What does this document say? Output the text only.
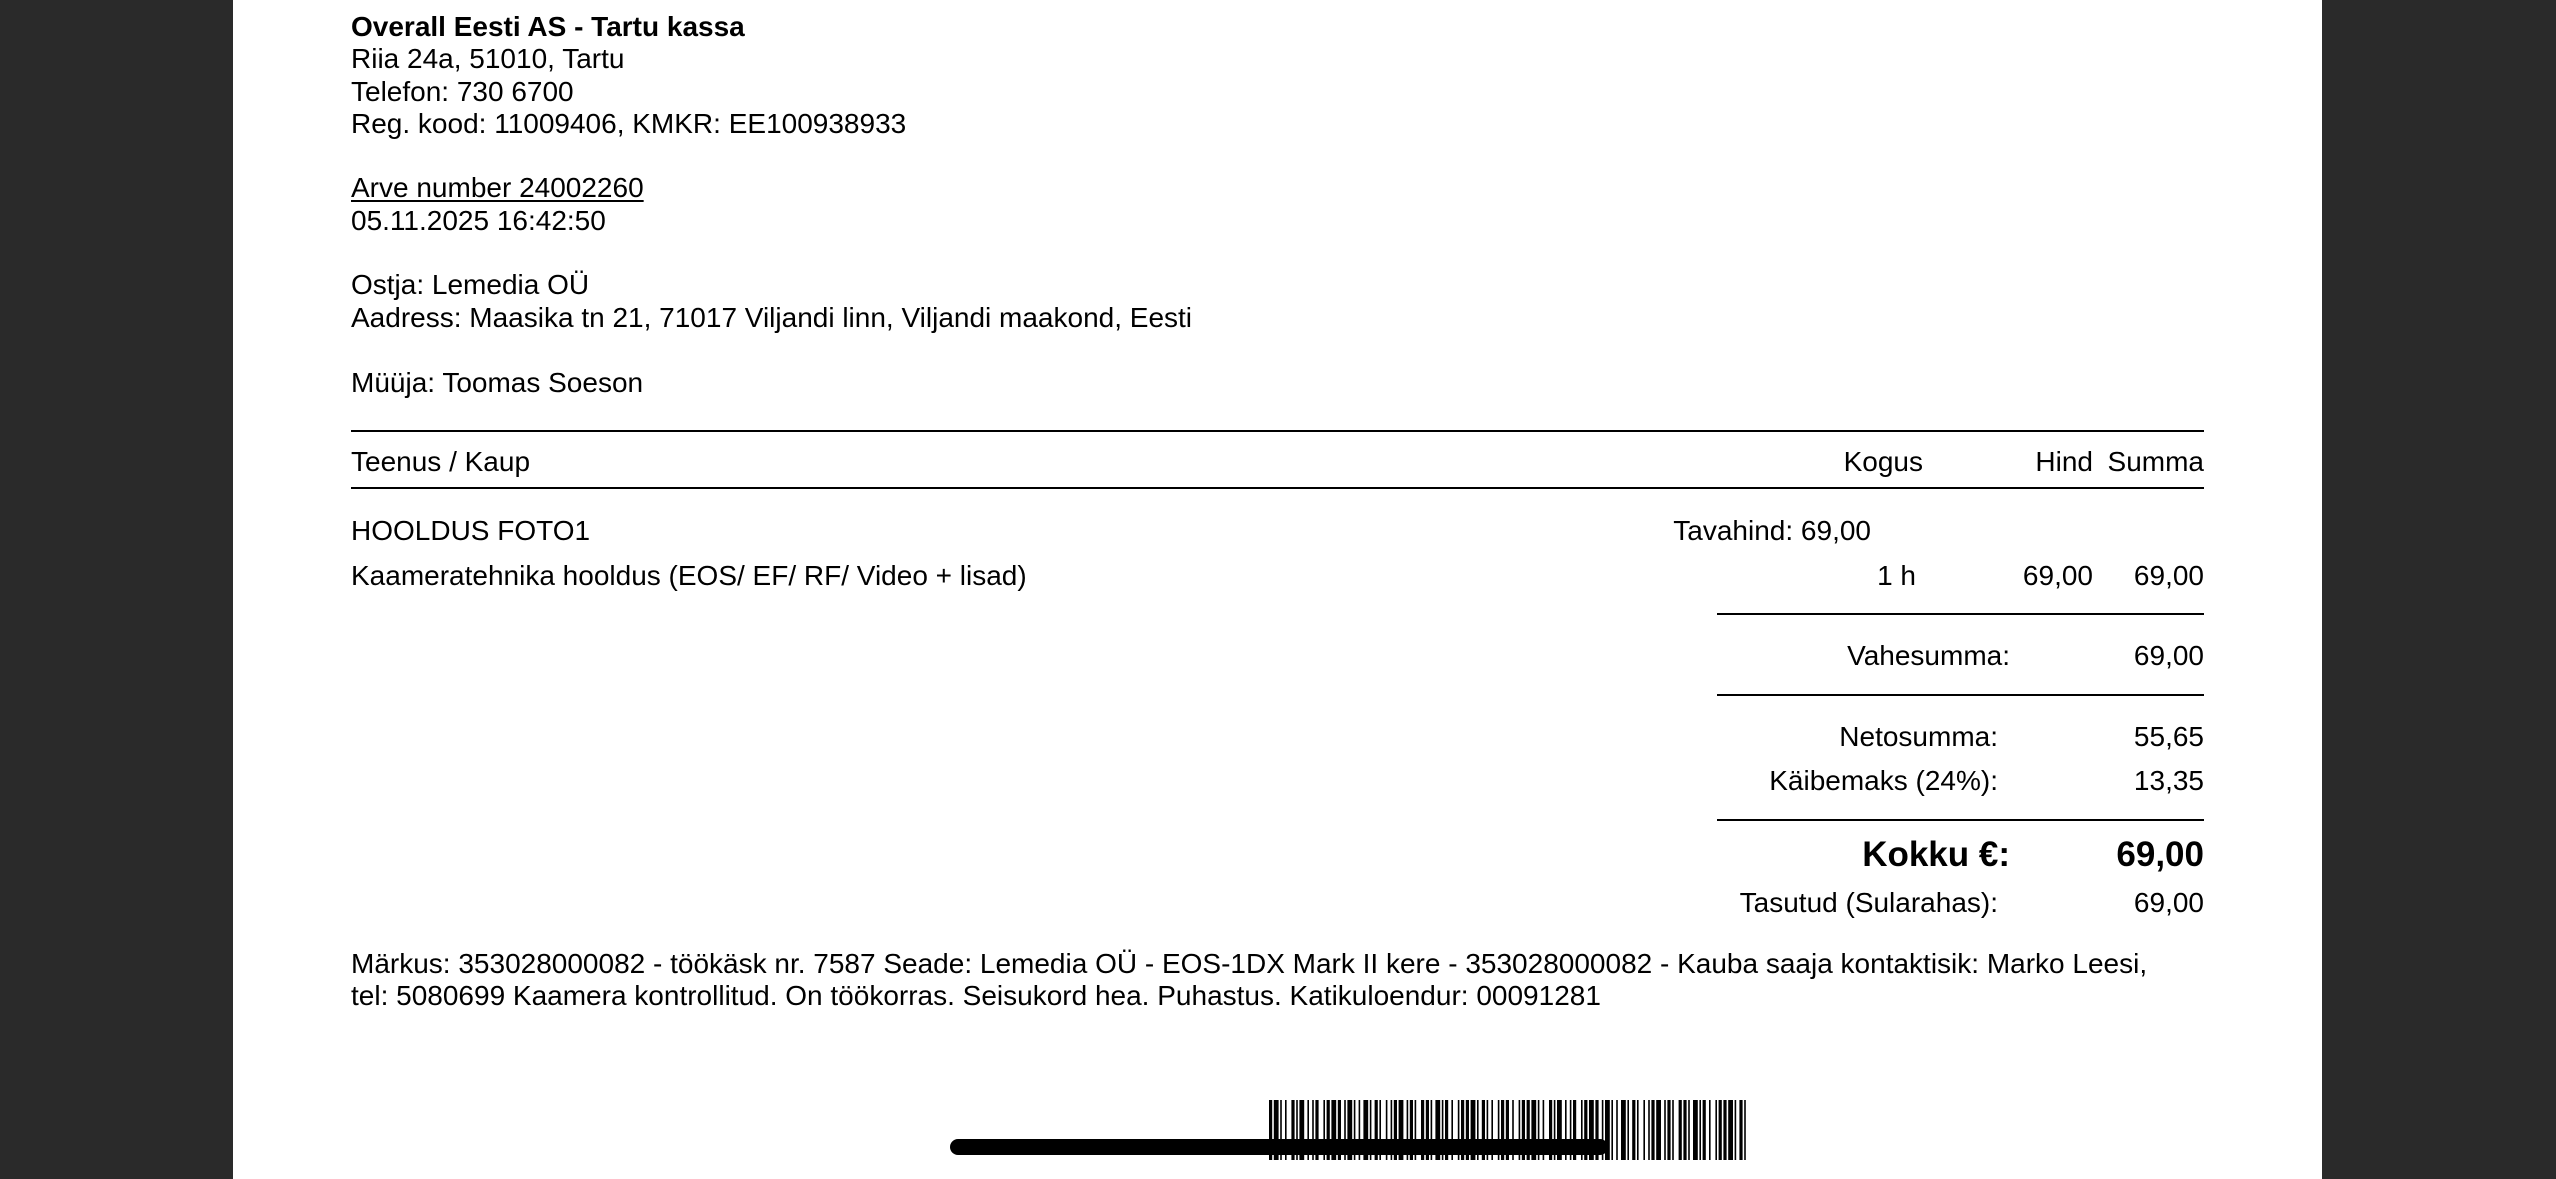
Overall Eesti AS - Tartu kassa
Riia 24a, 51010, Tartu
Telefon: 730 6700
Reg. kood: 11009406, KMKR: EE100938933
Arve number 24002260
05.11.2025 16:42:50
Ostja: Lemedia OÜ
Aadress: Maasika tn 21, 71017 Viljandi linn, Viljandi maakond, Eesti
Müüja: Toomas Soeson
Teenus / Kaup	Kogus	Hind Summa
HOOLDUS FOTO1	Tavahind: 69,00
Kaameratehnika hooldus (EOS/ EF/ RF/ Video + lisad)	1 h	69,00	69,00
Vahesumma:	69,00
Netosumma:	55,65
Käibemaks (24%):	13,35
Kokku €:	69,00
Tasutud (Sularahas):	69,00
Märkus: 353028000082 - töökäsk nr. 7587 Seade: Lemedia OÜ - EOS-1DX Mark II kere - 353028000082 - Kauba saaja kontaktisik: Marko Leesi,
tel: 5080699 Kaamera kontrollitud. On töökorras. Seisukord hea. Puhastus. Katikuloendur: 00091281
